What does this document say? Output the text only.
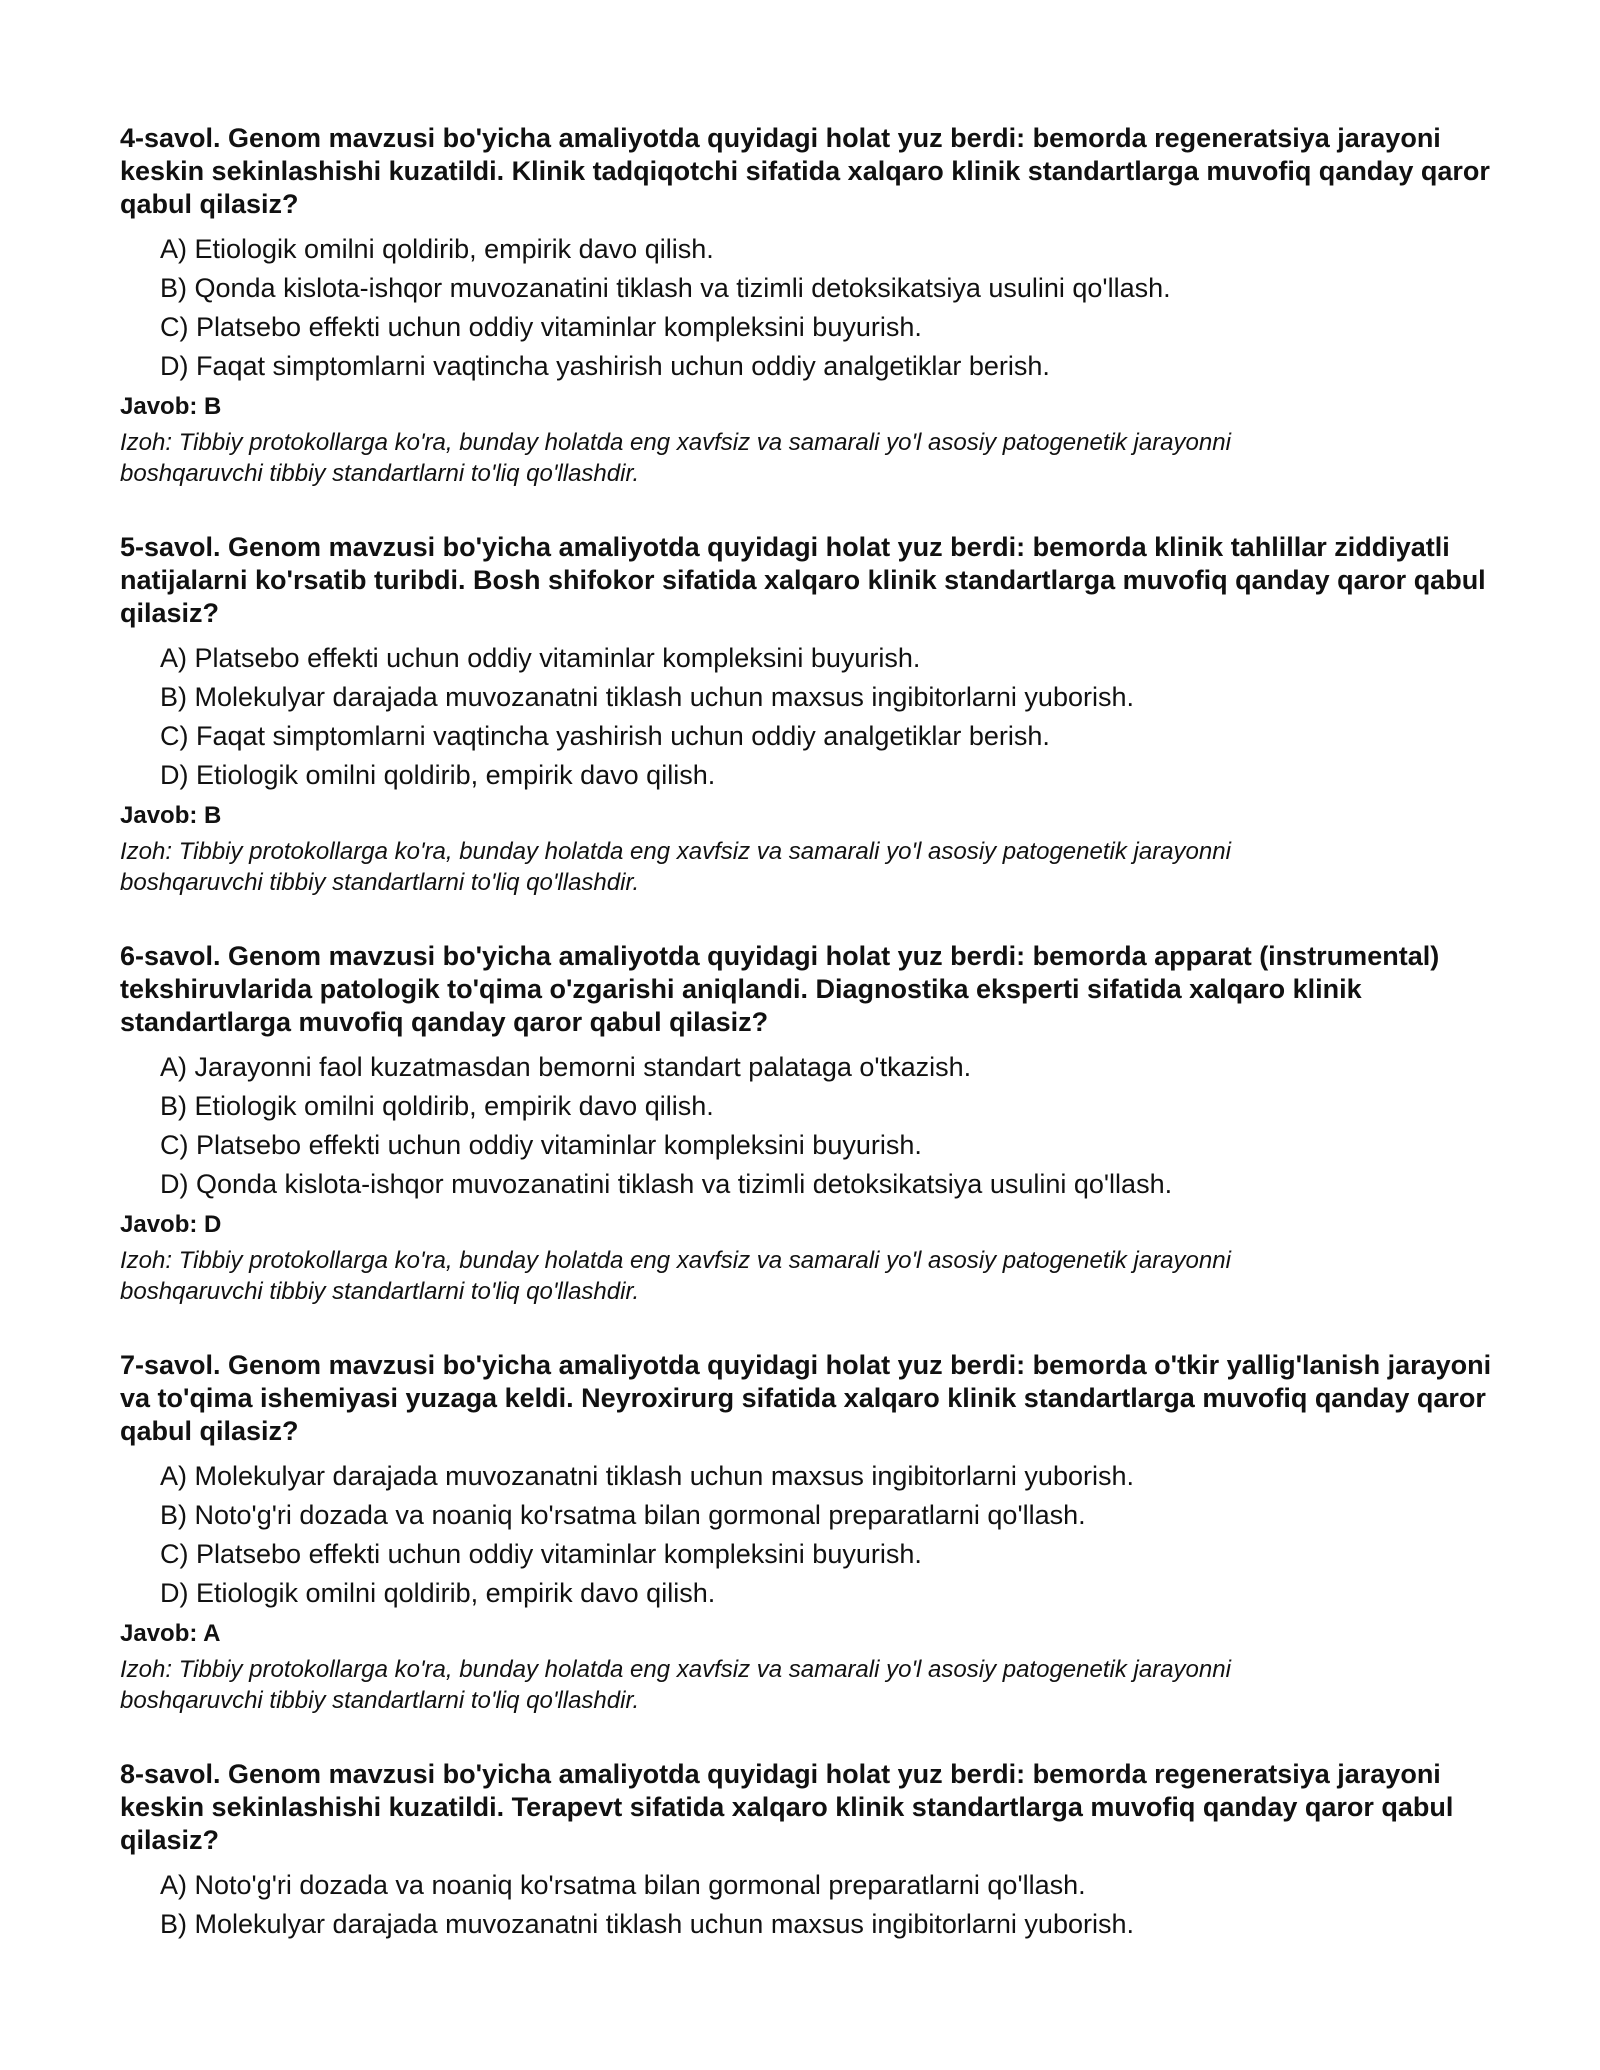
4-savol. Genom mavzusi bo'yicha amaliyotda quyidagi holat yuz berdi: bemorda regeneratsiya jarayoni keskin sekinlashishi kuzatildi. Klinik tadqiqotchi sifatida xalqaro klinik standartlarga muvofiq qanday qaror qabul qilasiz?

A) Etiologik omilni qoldirib, empirik davo qilish.
B) Qonda kislota-ishqor muvozanatini tiklash va tizimli detoksikatsiya usulini qo'llash.
C) Platsebo effekti uchun oddiy vitaminlar kompleksini buyurish.
D) Faqat simptomlarni vaqtincha yashirish uchun oddiy analgetiklar berish.
Javob: B
Izoh: Tibbiy protokollarga ko'ra, bunday holatda eng xavfsiz va samarali yo'l asosiy patogenetik jarayonni boshqaruvchi tibbiy standartlarni to'liq qo'llashdir.

5-savol. Genom mavzusi bo'yicha amaliyotda quyidagi holat yuz berdi: bemorda klinik tahlillar ziddiyatli natijalarni ko'rsatib turibdi. Bosh shifokor sifatida xalqaro klinik standartlarga muvofiq qanday qaror qabul qilasiz?

A) Platsebo effekti uchun oddiy vitaminlar kompleksini buyurish.
B) Molekulyar darajada muvozanatni tiklash uchun maxsus ingibitorlarni yuborish.
C) Faqat simptomlarni vaqtincha yashirish uchun oddiy analgetiklar berish.
D) Etiologik omilni qoldirib, empirik davo qilish.
Javob: B
Izoh: Tibbiy protokollarga ko'ra, bunday holatda eng xavfsiz va samarali yo'l asosiy patogenetik jarayonni boshqaruvchi tibbiy standartlarni to'liq qo'llashdir.

6-savol. Genom mavzusi bo'yicha amaliyotda quyidagi holat yuz berdi: bemorda apparat (instrumental) tekshiruvlarida patologik to'qima o'zgarishi aniqlandi. Diagnostika eksperti sifatida xalqaro klinik standartlarga muvofiq qanday qaror qabul qilasiz?

A) Jarayonni faol kuzatmasdan bemorni standart palataga o'tkazish.
B) Etiologik omilni qoldirib, empirik davo qilish.
C) Platsebo effekti uchun oddiy vitaminlar kompleksini buyurish.
D) Qonda kislota-ishqor muvozanatini tiklash va tizimli detoksikatsiya usulini qo'llash.
Javob: D
Izoh: Tibbiy protokollarga ko'ra, bunday holatda eng xavfsiz va samarali yo'l asosiy patogenetik jarayonni boshqaruvchi tibbiy standartlarni to'liq qo'llashdir.

7-savol. Genom mavzusi bo'yicha amaliyotda quyidagi holat yuz berdi: bemorda o'tkir yallig'lanish jarayoni va to'qima ishemiyasi yuzaga keldi. Neyroxirurg sifatida xalqaro klinik standartlarga muvofiq qanday qaror qabul qilasiz?

A) Molekulyar darajada muvozanatni tiklash uchun maxsus ingibitorlarni yuborish.
B) Noto'g'ri dozada va noaniq ko'rsatma bilan gormonal preparatlarni qo'llash.
C) Platsebo effekti uchun oddiy vitaminlar kompleksini buyurish.
D) Etiologik omilni qoldirib, empirik davo qilish.
Javob: A
Izoh: Tibbiy protokollarga ko'ra, bunday holatda eng xavfsiz va samarali yo'l asosiy patogenetik jarayonni boshqaruvchi tibbiy standartlarni to'liq qo'llashdir.

8-savol. Genom mavzusi bo'yicha amaliyotda quyidagi holat yuz berdi: bemorda regeneratsiya jarayoni keskin sekinlashishi kuzatildi. Terapevt sifatida xalqaro klinik standartlarga muvofiq qanday qaror qabul qilasiz?

A) Noto'g'ri dozada va noaniq ko'rsatma bilan gormonal preparatlarni qo'llash.
B) Molekulyar darajada muvozanatni tiklash uchun maxsus ingibitorlarni yuborish.
